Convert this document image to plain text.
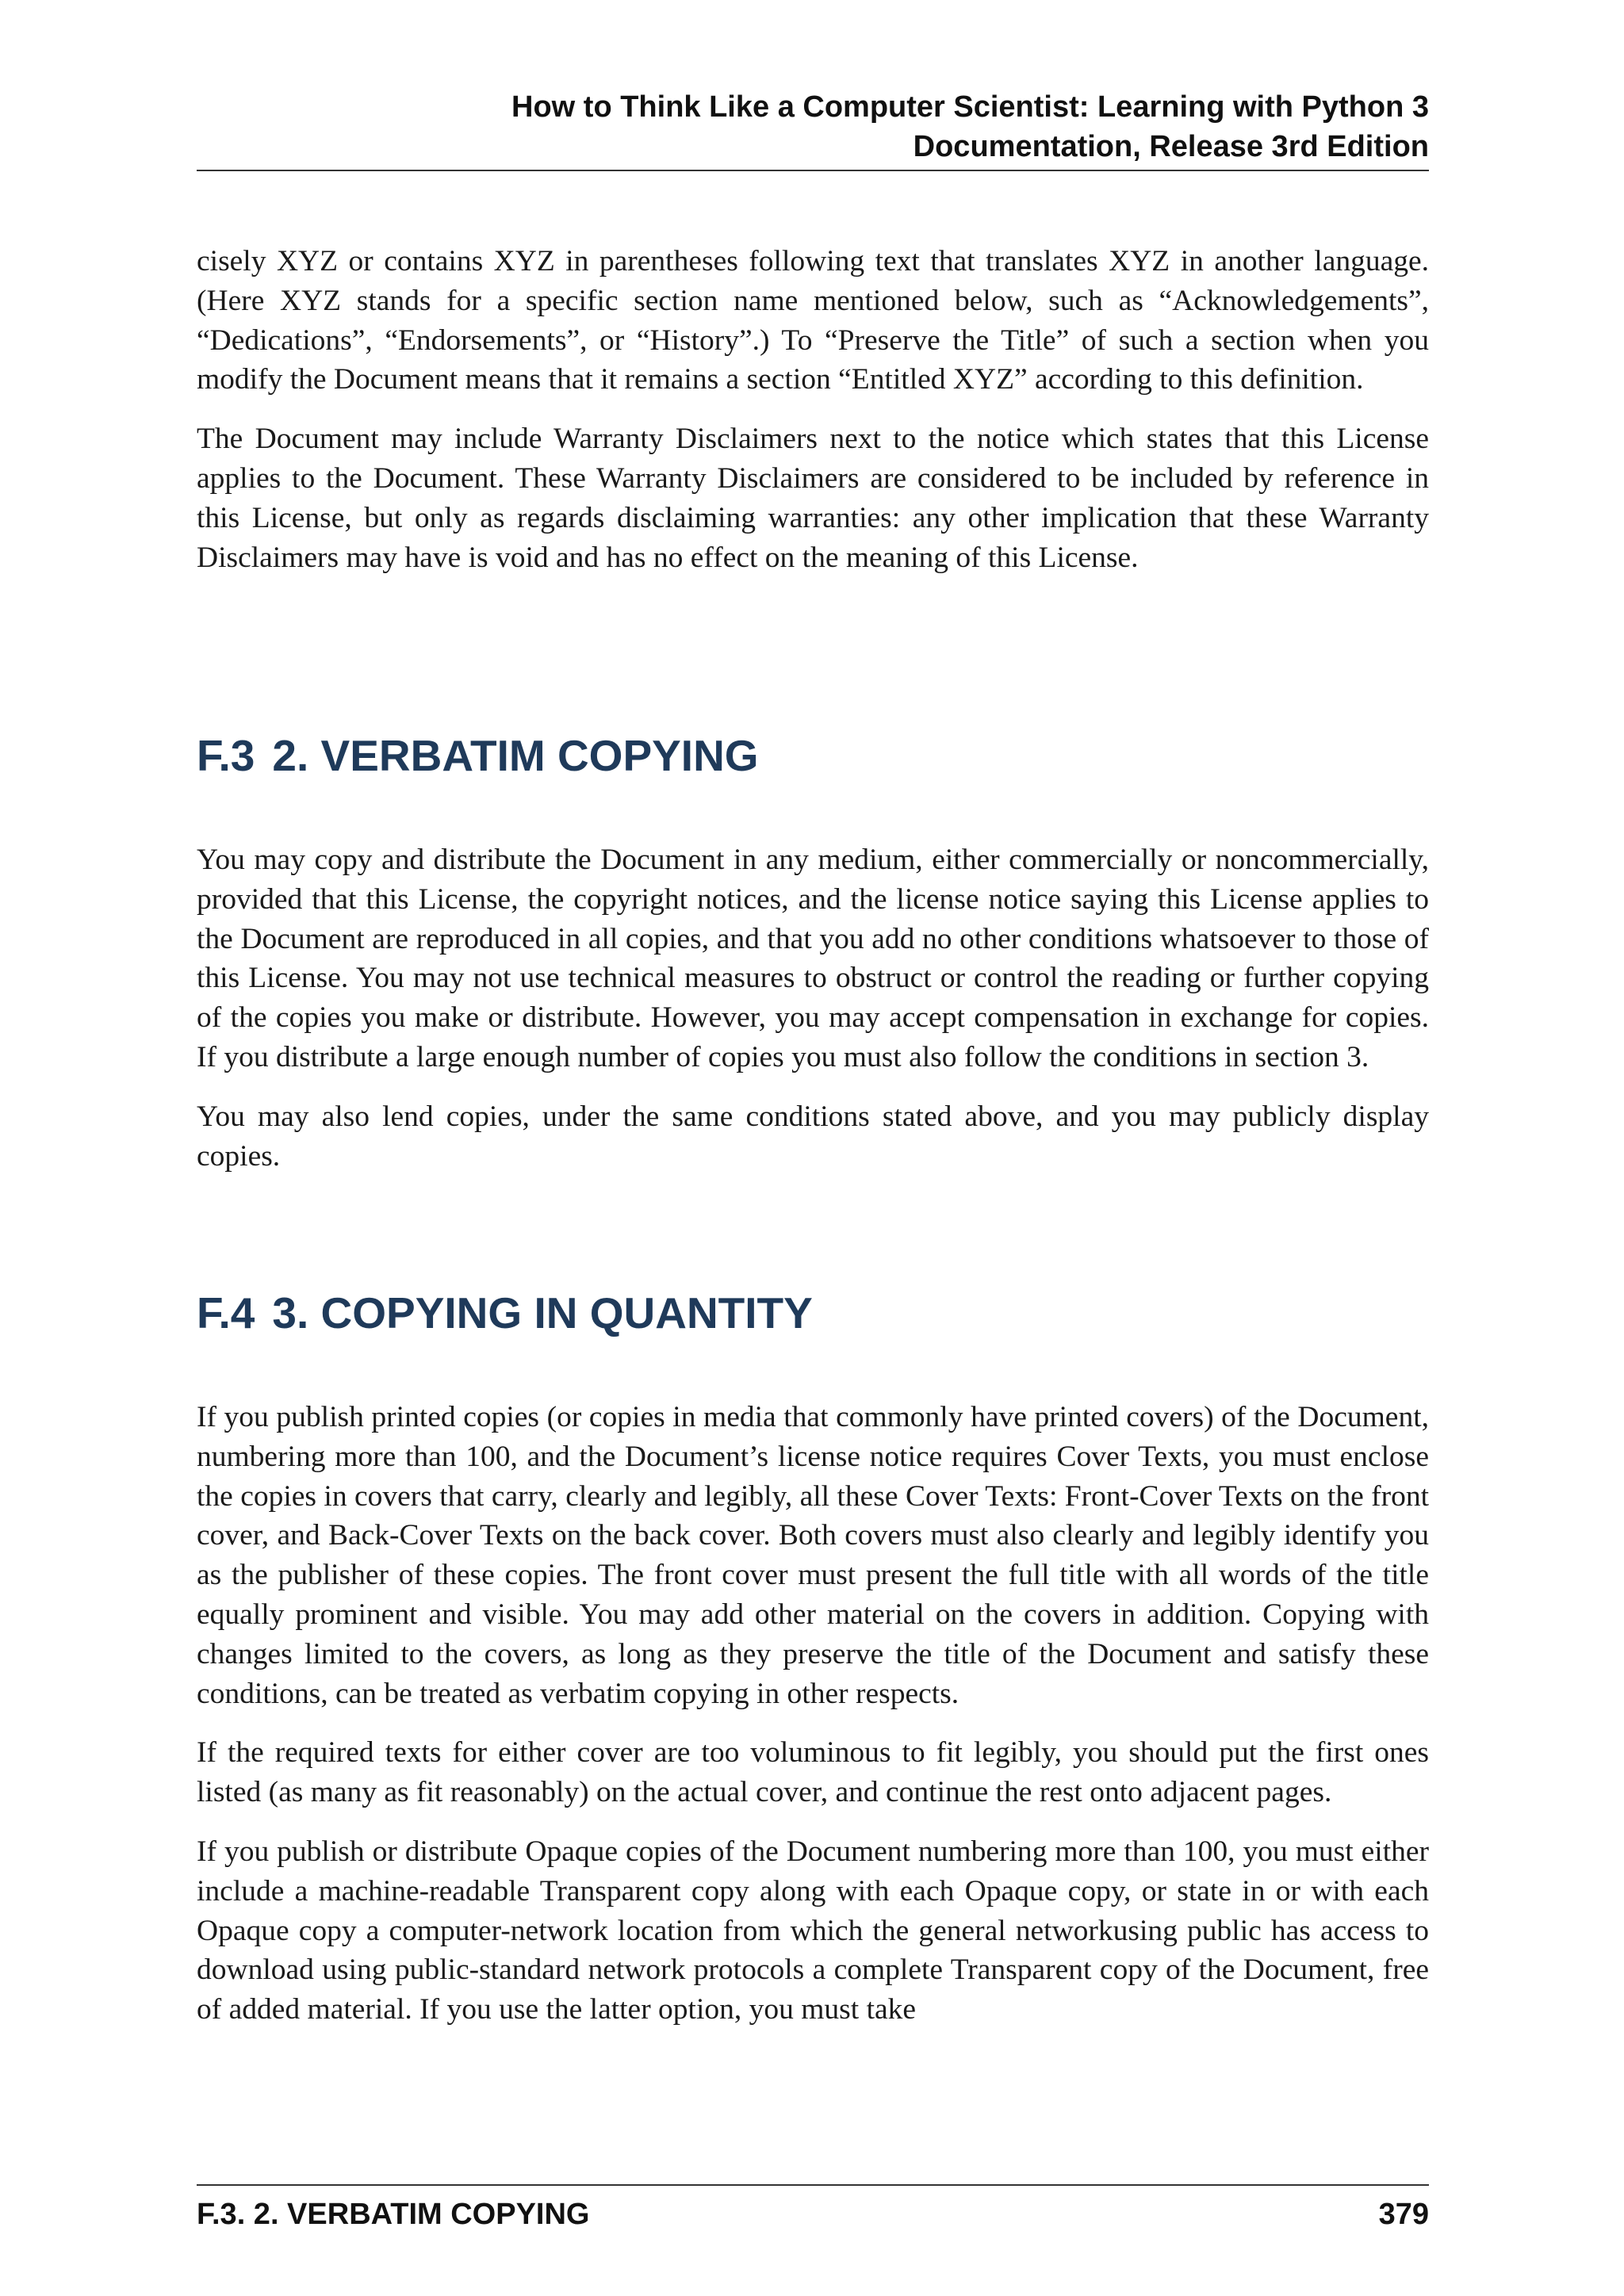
How to Think Like a Computer Scientist: Learning with Python 3
Documentation, Release 3rd Edition

cisely XYZ or contains XYZ in parentheses following text that translates XYZ in another language. (Here XYZ stands for a specific section name mentioned below, such as “Acknowledgements”, “Dedications”, “Endorsements”, or “History”.) To “Preserve the Title” of such a section when you modify the Document means that it remains a section “Entitled XYZ” according to this definition.

The Document may include Warranty Disclaimers next to the notice which states that this License applies to the Document. These Warranty Disclaimers are considered to be included by reference in this License, but only as regards disclaiming warranties: any other implication that these Warranty Disclaimers may have is void and has no effect on the meaning of this License.

F.3 2. VERBATIM COPYING

You may copy and distribute the Document in any medium, either commercially or noncommercially, provided that this License, the copyright notices, and the license notice saying this License applies to the Document are reproduced in all copies, and that you add no other conditions whatsoever to those of this License. You may not use technical measures to obstruct or control the reading or further copying of the copies you make or distribute. However, you may accept compensation in exchange for copies. If you distribute a large enough number of copies you must also follow the conditions in section 3.

You may also lend copies, under the same conditions stated above, and you may publicly display copies.

F.4 3. COPYING IN QUANTITY

If you publish printed copies (or copies in media that commonly have printed covers) of the Document, numbering more than 100, and the Document’s license notice requires Cover Texts, you must enclose the copies in covers that carry, clearly and legibly, all these Cover Texts: Front-Cover Texts on the front cover, and Back-Cover Texts on the back cover. Both covers must also clearly and legibly identify you as the publisher of these copies. The front cover must present the full title with all words of the title equally prominent and visible. You may add other material on the covers in addition. Copying with changes limited to the covers, as long as they preserve the title of the Document and satisfy these conditions, can be treated as verbatim copying in other respects.

If the required texts for either cover are too voluminous to fit legibly, you should put the first ones listed (as many as fit reasonably) on the actual cover, and continue the rest onto adjacent pages.

If you publish or distribute Opaque copies of the Document numbering more than 100, you must either include a machine-readable Transparent copy along with each Opaque copy, or state in or with each Opaque copy a computer-network location from which the general networkusing public has access to download using public-standard network protocols a complete Transparent copy of the Document, free of added material. If you use the latter option, you must take

F.3. 2. VERBATIM COPYING	379
